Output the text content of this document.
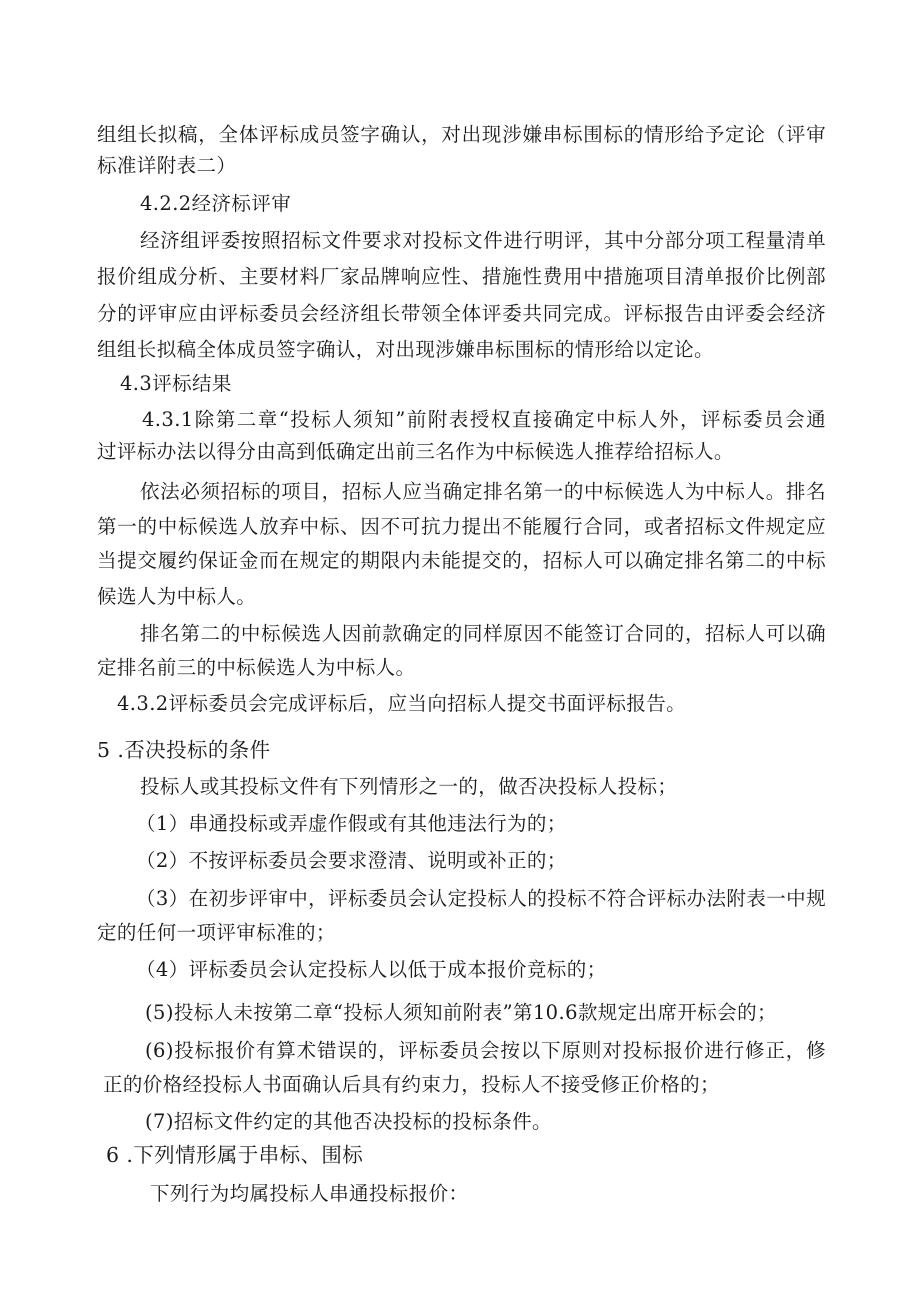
组组长拟稿，全体评标成员签字确认，对出现涉嫌串标围标的情形给予定论（评审

标准详附表二）

4.2.2经济标评审

经济组评委按照招标文件要求对投标文件进行明评，其中分部分项工程量清单

报价组成分析、主要材料厂家品牌响应性、措施性费用中措施项目清单报价比例部

分的评审应由评标委员会经济组长带领全体评委共同完成。评标报告由评委会经济

组组长拟稿全体成员签字确认，对出现涉嫌串标围标的情形给以定论。

4.3评标结果

4.3.1除第二章“投标人须知”前附表授权直接确定中标人外，评标委员会通

过评标办法以得分由高到低确定出前三名作为中标候选人推荐给招标人。

依法必须招标的项目，招标人应当确定排名第一的中标候选人为中标人。排名

第一的中标候选人放弃中标、因不可抗力提出不能履行合同，或者招标文件规定应

当提交履约保证金而在规定的期限内未能提交的，招标人可以确定排名第二的中标

候选人为中标人。

排名第二的中标候选人因前款确定的同样原因不能签订合同的，招标人可以确

定排名前三的中标候选人为中标人。

4.3.2评标委员会完成评标后，应当向招标人提交书面评标报告。

5 .否决投标的条件

投标人或其投标文件有下列情形之一的，做否决投标人投标；

（1）串通投标或弄虚作假或有其他违法行为的；

（2）不按评标委员会要求澄清、说明或补正的；

（3）在初步评审中，评标委员会认定投标人的投标不符合评标办法附表一中规

定的任何一项评审标准的；

（4）评标委员会认定投标人以低于成本报价竞标的；

(5)投标人未按第二章“投标人须知前附表”第10.6款规定出席开标会的；

(6)投标报价有算术错误的，评标委员会按以下原则对投标报价进行修正，修

正的价格经投标人书面确认后具有约束力，投标人不接受修正价格的；

(7)招标文件约定的其他否决投标的投标条件。

6 .下列情形属于串标、围标

下列行为均属投标人串通投标报价：
